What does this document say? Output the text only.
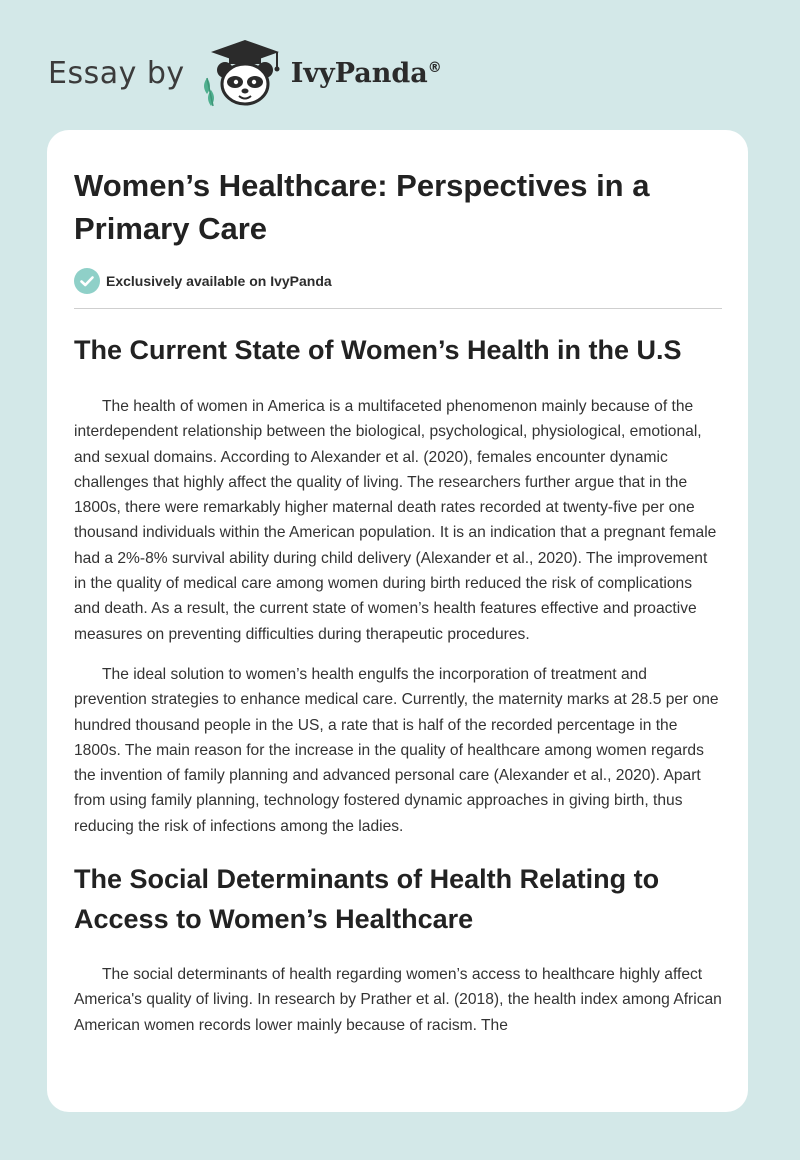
Essay by	IvyPanda®
Women’s Healthcare: Perspectives in a Primary Care
Exclusively available on IvyPanda
The Current State of Women’s Health in the U.S

The health of women in America is a multifaceted phenomenon mainly because of the interdependent relationship between the biological, psychological, physiological, emotional, and sexual domains. According to Alexander et al. (2020), females encounter dynamic challenges that highly affect the quality of living. The researchers further argue that in the 1800s, there were remarkably higher maternal death rates recorded at twenty-five per one thousand individuals within the American population. It is an indication that a pregnant female had a 2%-8% survival ability during child delivery (Alexander et al., 2020). The improvement in the quality of medical care among women during birth reduced the risk of complications and death. As a result, the current state of women’s health features effective and proactive measures on preventing difficulties during therapeutic procedures.

The ideal solution to women’s health engulfs the incorporation of treatment and prevention strategies to enhance medical care. Currently, the maternity marks at 28.5 per one hundred thousand people in the US, a rate that is half of the recorded percentage in the 1800s. The main reason for the increase in the quality of healthcare among women regards the invention of family planning and advanced personal care (Alexander et al., 2020). Apart from using family planning, technology fostered dynamic approaches in giving birth, thus reducing the risk of infections among the ladies.

The Social Determinants of Health Relating to Access to Women’s Healthcare

The social determinants of health regarding women’s access to healthcare highly affect America's quality of living. In research by Prather et al. (2018), the health index among African American women records lower mainly because of racism. The
